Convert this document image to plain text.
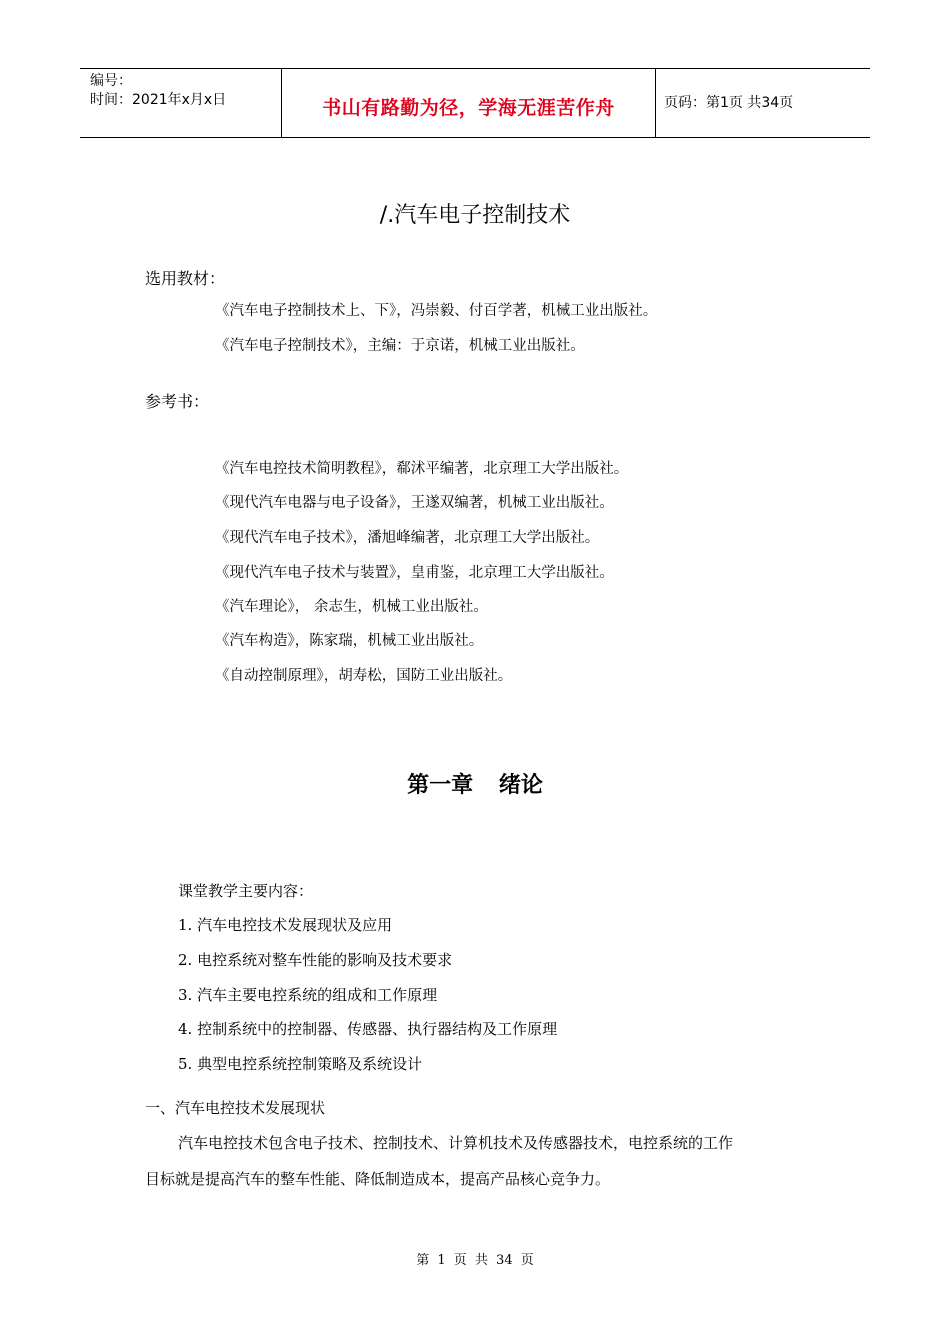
编号：
时间：2021年x月x日	书山有路勤为径，学海无涯苦作舟	页码：第1页 共34页
/.汽车电子控制技术
选用教材：
《汽车电子控制技术上、下》，冯崇毅、付百学著，机械工业出版社。
《汽车电子控制技术》，主编：于京诺，机械工业出版社。
参考书：
《汽车电控技术简明教程》，郗沭平编著，北京理工大学出版社。
《现代汽车电器与电子设备》，王遂双编著，机械工业出版社。
《现代汽车电子技术》，潘旭峰编著，北京理工大学出版社。
《现代汽车电子技术与装置》，皇甫鉴，北京理工大学出版社。
《汽车理论》， 余志生，机械工业出版社。
《汽车构造》，陈家瑞，机械工业出版社。
《自动控制原理》，胡寿松，国防工业出版社。
第一章 绪论
课堂教学主要内容：
1. 汽车电控技术发展现状及应用
2. 电控系统对整车性能的影响及技术要求
3. 汽车主要电控系统的组成和工作原理
4. 控制系统中的控制器、传感器、执行器结构及工作原理
5. 典型电控系统控制策略及系统设计
一、汽车电控技术发展现状
汽车电控技术包含电子技术、控制技术、计算机技术及传感器技术，电控系统的工作
目标就是提高汽车的整车性能、降低制造成本，提高产品核心竞争力。
第 1 页 共 34 页
